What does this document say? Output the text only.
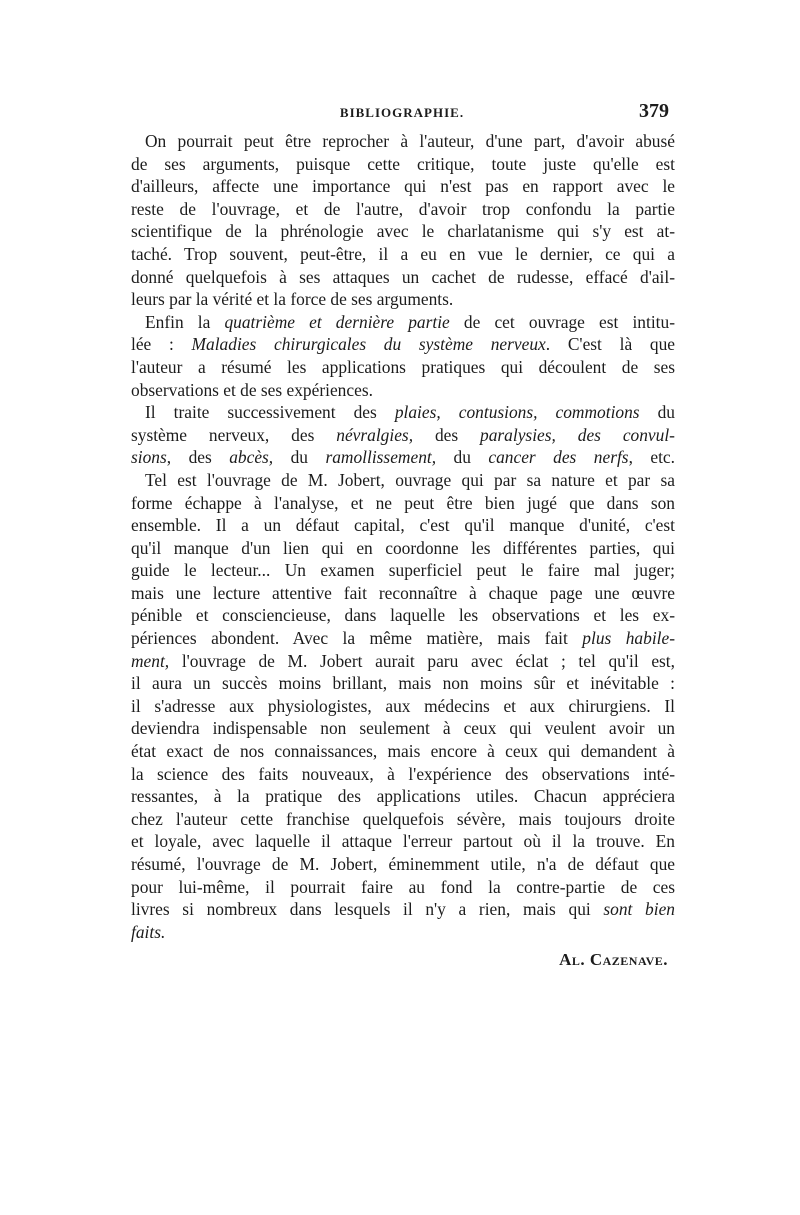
BIBLIOGRAPHIE.	379
On pourrait peut être reprocher à l'auteur, d'une part, d'avoir abusé
de ses arguments, puisque cette critique, toute juste qu'elle est
d'ailleurs, affecte une importance qui n'est pas en rapport avec le
reste de l'ouvrage, et de l'autre, d'avoir trop confondu la partie
scientifique de la phrénologie avec le charlatanisme qui s'y est at-
taché. Trop souvent, peut-être, il a eu en vue le dernier, ce qui a
donné quelquefois à ses attaques un cachet de rudesse, effacé d'ail-
leurs par la vérité et la force de ses arguments.
Enfin la quatrième et dernière partie de cet ouvrage est intitu-
lée : Maladies chirurgicales du système nerveux. C'est là que
l'auteur a résumé les applications pratiques qui découlent de ses
observations et de ses expériences.
Il traite successivement des plaies, contusions, commotions du
système nerveux, des névralgies, des paralysies, des convul-
sions, des abcès, du ramollissement, du cancer des nerfs, etc.
Tel est l'ouvrage de M. Jobert, ouvrage qui par sa nature et par sa
forme échappe à l'analyse, et ne peut être bien jugé que dans son
ensemble. Il a un défaut capital, c'est qu'il manque d'unité, c'est
qu'il manque d'un lien qui en coordonne les différentes parties, qui
guide le lecteur... Un examen superficiel peut le faire mal juger;
mais une lecture attentive fait reconnaître à chaque page une œuvre
pénible et consciencieuse, dans laquelle les observations et les ex-
périences abondent. Avec la même matière, mais fait plus habile-
ment, l'ouvrage de M. Jobert aurait paru avec éclat ; tel qu'il est,
il aura un succès moins brillant, mais non moins sûr et inévitable :
il s'adresse aux physiologistes, aux médecins et aux chirurgiens. Il
deviendra indispensable non seulement à ceux qui veulent avoir un
état exact de nos connaissances, mais encore à ceux qui demandent à
la science des faits nouveaux, à l'expérience des observations inté-
ressantes, à la pratique des applications utiles. Chacun appréciera
chez l'auteur cette franchise quelquefois sévère, mais toujours droite
et loyale, avec laquelle il attaque l'erreur partout où il la trouve. En
résumé, l'ouvrage de M. Jobert, éminemment utile, n'a de défaut que
pour lui-même, il pourrait faire au fond la contre-partie de ces
livres si nombreux dans lesquels il n'y a rien, mais qui sont bien
faits.
Al. Cazenave.
